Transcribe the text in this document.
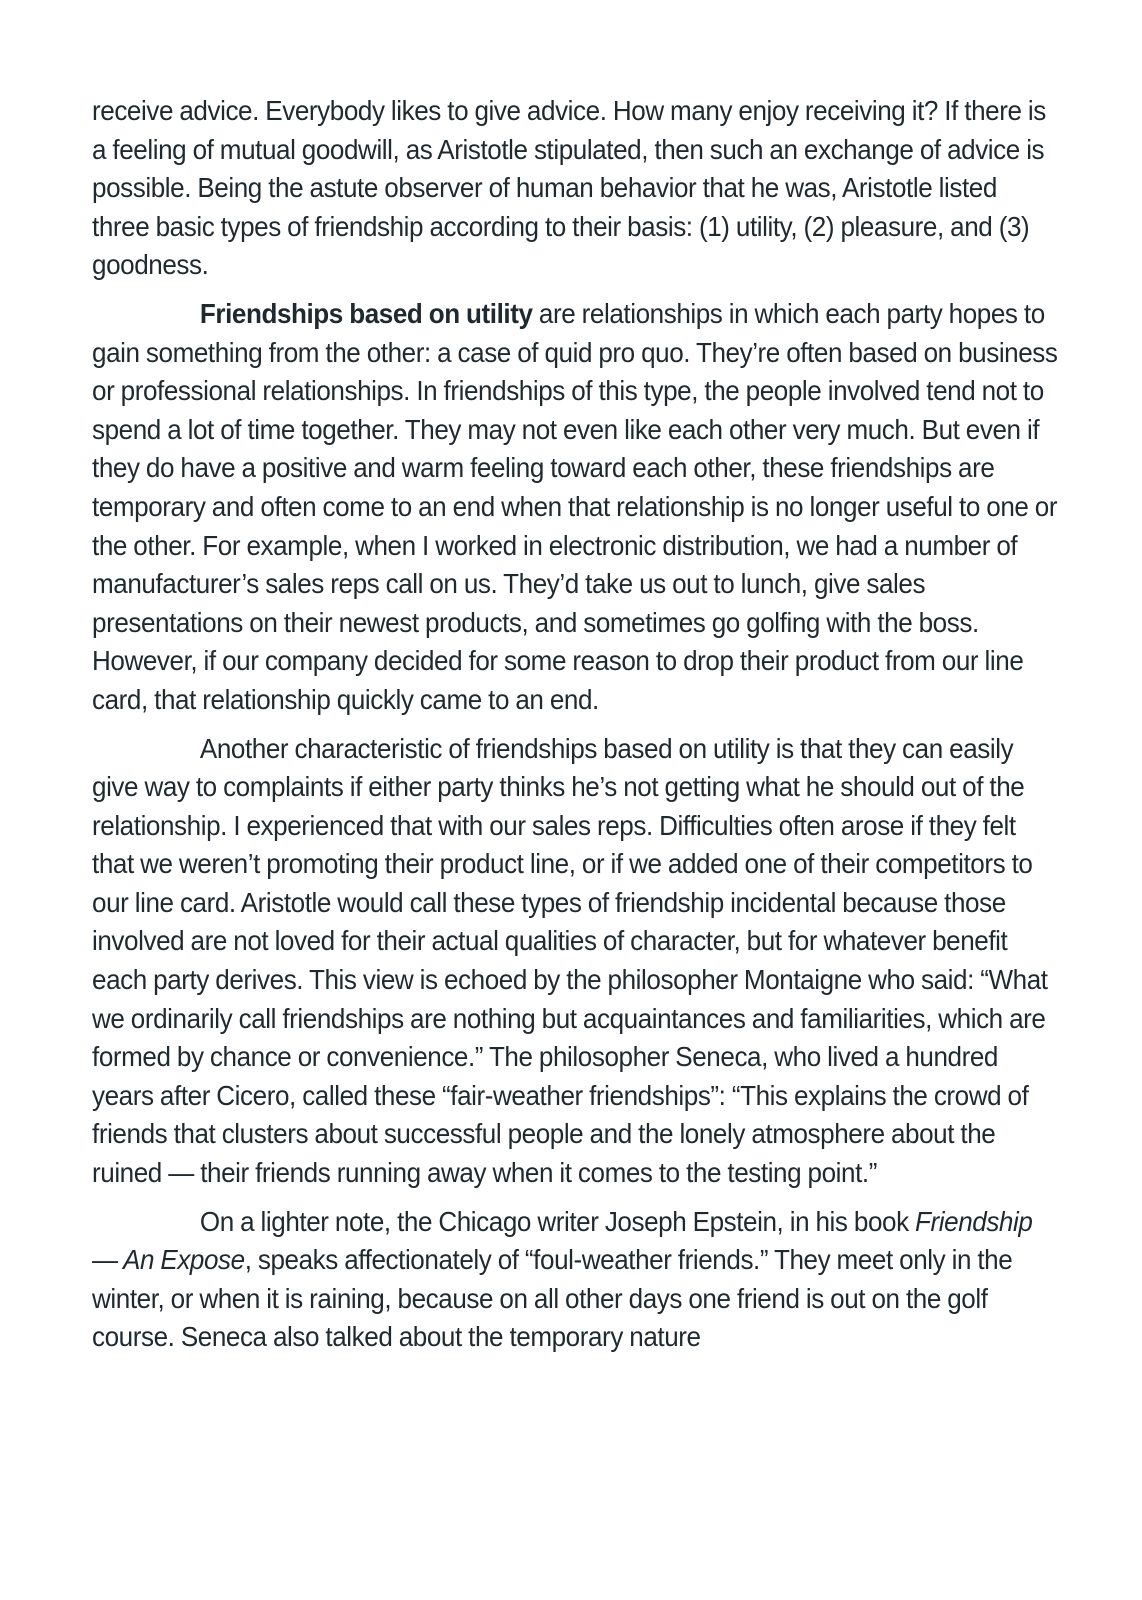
receive advice. Everybody likes to give advice. How many enjoy receiving it? If there is a feeling of mutual goodwill, as Aristotle stipulated, then such an exchange of advice is possible. Being the astute observer of human behavior that he was, Aristotle listed three basic types of friendship according to their basis: (1) utility, (2) pleasure, and (3) goodness.

Friendships based on utility are relationships in which each party hopes to gain something from the other: a case of quid pro quo. They’re often based on business or professional relationships. In friendships of this type, the people involved tend not to spend a lot of time together. They may not even like each other very much. But even if they do have a positive and warm feeling toward each other, these friendships are temporary and often come to an end when that relationship is no longer useful to one or the other. For example, when I worked in electronic distribution, we had a number of manufacturer’s sales reps call on us. They’d take us out to lunch, give sales presentations on their newest products, and sometimes go golfing with the boss. However, if our company decided for some reason to drop their product from our line card, that relationship quickly came to an end.

Another characteristic of friendships based on utility is that they can easily give way to complaints if either party thinks he’s not getting what he should out of the relationship. I experienced that with our sales reps. Difficulties often arose if they felt that we weren’t promoting their product line, or if we added one of their competitors to our line card. Aristotle would call these types of friendship incidental because those involved are not loved for their actual qualities of character, but for whatever benefit each party derives. This view is echoed by the philosopher Montaigne who said: “What we ordinarily call friendships are nothing but acquaintances and familiarities, which are formed by chance or convenience.” The philosopher Seneca, who lived a hundred years after Cicero, called these “fair-weather friendships”: “This explains the crowd of friends that clusters about successful people and the lonely atmosphere about the ruined — their friends running away when it comes to the testing point.”

On a lighter note, the Chicago writer Joseph Epstein, in his book Friendship — An Expose, speaks affectionately of “foul-weather friends.” They meet only in the winter, or when it is raining, because on all other days one friend is out on the golf course. Seneca also talked about the temporary nature
